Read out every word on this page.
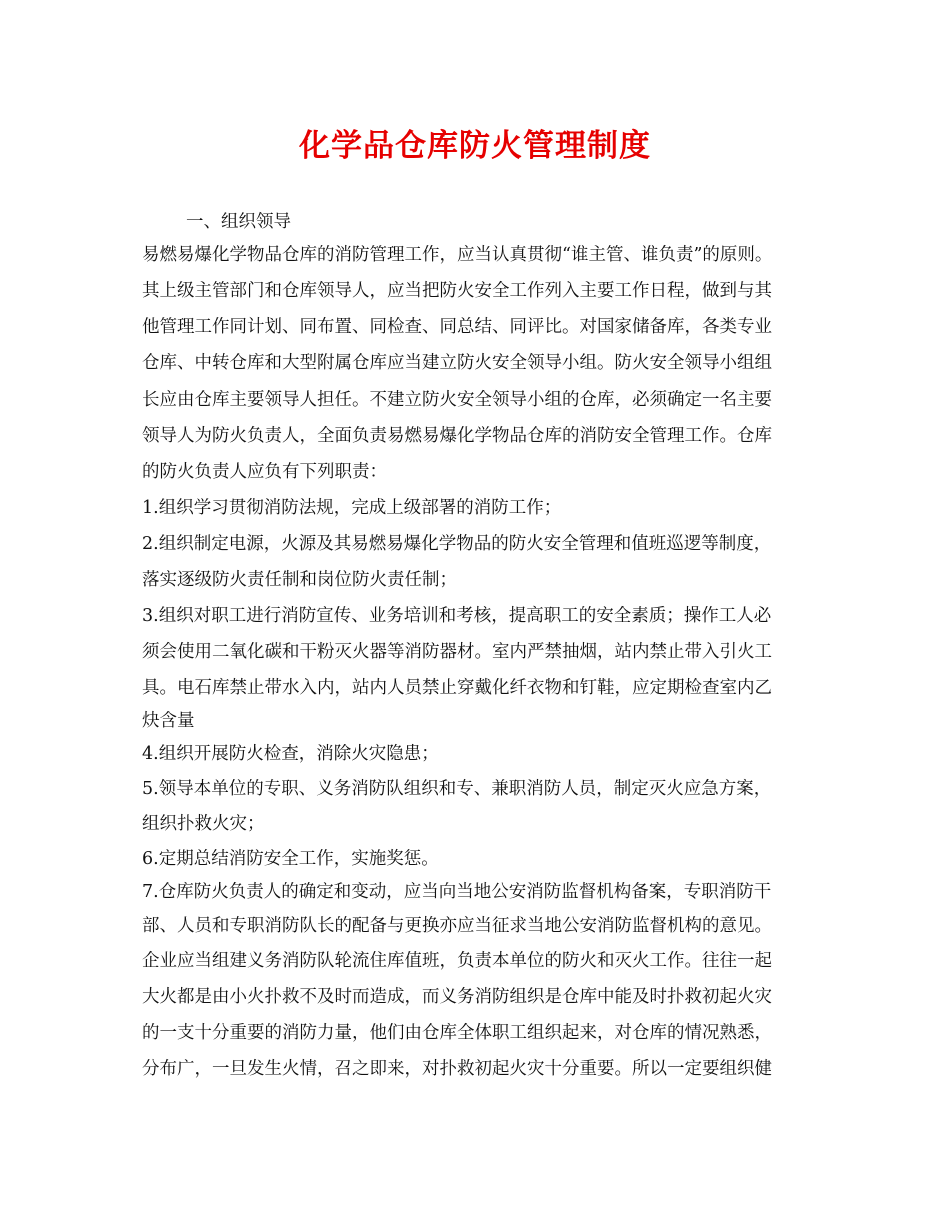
化学品仓库防火管理制度

一、组织领导

易燃易爆化学物品仓库的消防管理工作，应当认真贯彻“谁主管、谁负责”的原则。

其上级主管部门和仓库领导人，应当把防火安全工作列入主要工作日程，做到与其

他管理工作同计划、同布置、同检查、同总结、同评比。对国家储备库，各类专业

仓库、中转仓库和大型附属仓库应当建立防火安全领导小组。防火安全领导小组组

长应由仓库主要领导人担任。不建立防火安全领导小组的仓库，必须确定一名主要

领导人为防火负责人，全面负责易燃易爆化学物品仓库的消防安全管理工作。仓库

的防火负责人应负有下列职责：

1.组织学习贯彻消防法规，完成上级部署的消防工作；

2.组织制定电源，火源及其易燃易爆化学物品的防火安全管理和值班巡逻等制度，

落实逐级防火责任制和岗位防火责任制；

3.组织对职工进行消防宣传、业务培训和考核，提高职工的安全素质；操作工人必

须会使用二氧化碳和干粉灭火器等消防器材。室内严禁抽烟，站内禁止带入引火工

具。电石库禁止带水入内，站内人员禁止穿戴化纤衣物和钉鞋，应定期检查室内乙

炔含量

4.组织开展防火检查，消除火灾隐患；

5.领导本单位的专职、义务消防队组织和专、兼职消防人员，制定灭火应急方案，

组织扑救火灾；

6.定期总结消防安全工作，实施奖惩。

7.仓库防火负责人的确定和变动，应当向当地公安消防监督机构备案，专职消防干

部、人员和专职消防队长的配备与更换亦应当征求当地公安消防监督机构的意见。

企业应当组建义务消防队轮流住库值班，负责本单位的防火和灭火工作。往往一起

大火都是由小火扑救不及时而造成，而义务消防组织是仓库中能及时扑救初起火灾

的一支十分重要的消防力量，他们由仓库全体职工组织起来，对仓库的情况熟悉，

分布广，一旦发生火情，召之即来，对扑救初起火灾十分重要。所以一定要组织健
